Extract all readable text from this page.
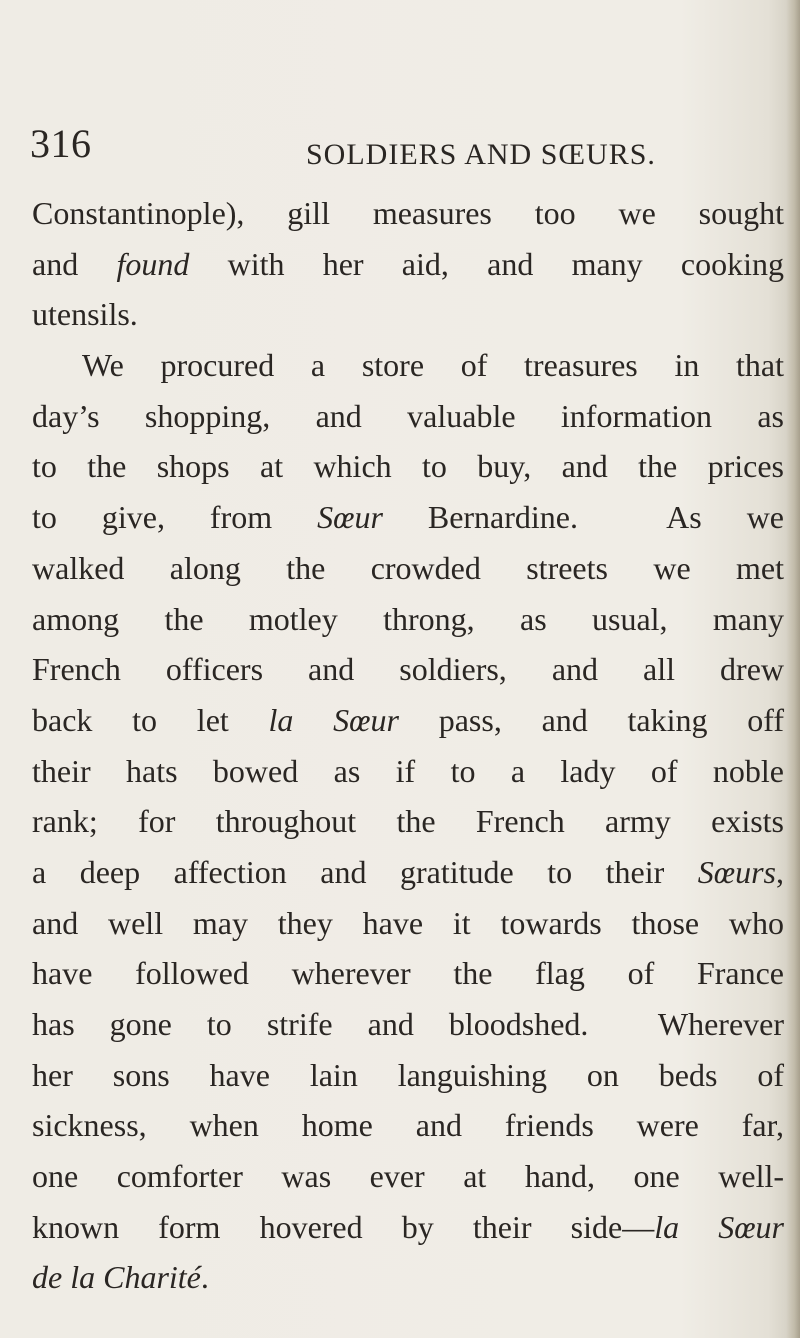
316	SOLDIERS AND SŒURS.
Constantinople), gill measures too we sought
and found with her aid, and many cooking
utensils.
We procured a store of treasures in that
day’s shopping, and valuable information as
to the shops at which to buy, and the prices
to give, from Sœur Bernardine.  As we
walked along the crowded streets we met
among the motley throng, as usual, many
French officers and soldiers, and all drew
back to let la Sœur pass, and taking off
their hats bowed as if to a lady of noble
rank; for throughout the French army exists
a deep affection and gratitude to their Sœurs,
and well may they have it towards those who
have followed wherever the flag of France
has gone to strife and bloodshed.  Wherever
her sons have lain languishing on beds of
sickness, when home and friends were far,
one comforter was ever at hand, one well-
known form hovered by their side—la Sœur
de la Charité.
